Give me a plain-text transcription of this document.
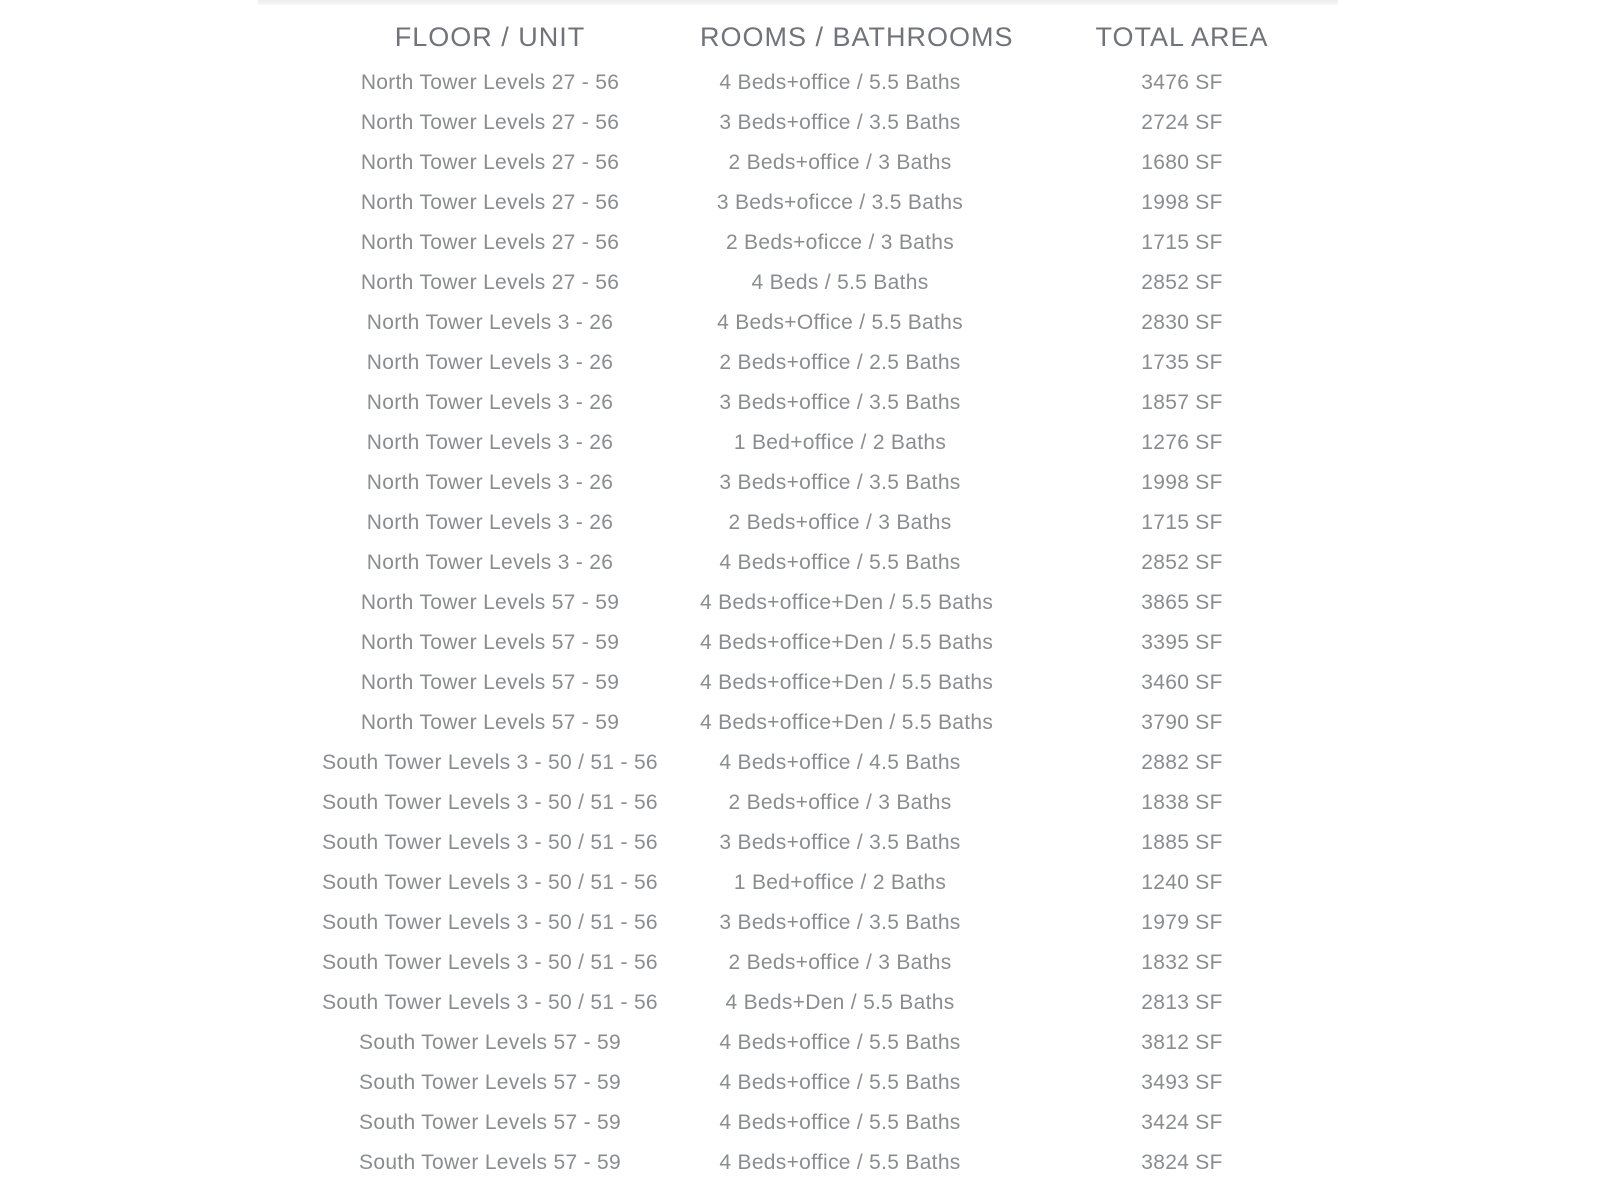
FLOOR / UNIT	ROOMS / BATHROOMS	TOTAL AREA
North Tower Levels 27 - 56	4 Beds+office / 5.5 Baths	3476 SF
North Tower Levels 27 - 56	3 Beds+office / 3.5 Baths	2724 SF
North Tower Levels 27 - 56	2 Beds+office / 3 Baths	1680 SF
North Tower Levels 27 - 56	3 Beds+oficce / 3.5 Baths	1998 SF
North Tower Levels 27 - 56	2 Beds+oficce / 3 Baths	1715 SF
North Tower Levels 27 - 56	4 Beds / 5.5 Baths	2852 SF
North Tower Levels 3 - 26	4 Beds+Office / 5.5 Baths	2830 SF
North Tower Levels 3 - 26	2 Beds+office / 2.5 Baths	1735 SF
North Tower Levels 3 - 26	3 Beds+office / 3.5 Baths	1857 SF
North Tower Levels 3 - 26	1 Bed+office / 2 Baths	1276 SF
North Tower Levels 3 - 26	3 Beds+office / 3.5 Baths	1998 SF
North Tower Levels 3 - 26	2 Beds+office / 3 Baths	1715 SF
North Tower Levels 3 - 26	4 Beds+office / 5.5 Baths	2852 SF
North Tower Levels 57 - 59	4 Beds+office+Den / 5.5 Baths	3865 SF
North Tower Levels 57 - 59	4 Beds+office+Den / 5.5 Baths	3395 SF
North Tower Levels 57 - 59	4 Beds+office+Den / 5.5 Baths	3460 SF
North Tower Levels 57 - 59	4 Beds+office+Den / 5.5 Baths	3790 SF
South Tower Levels 3 - 50 / 51 - 56	4 Beds+office / 4.5 Baths	2882 SF
South Tower Levels 3 - 50 / 51 - 56	2 Beds+office / 3 Baths	1838 SF
South Tower Levels 3 - 50 / 51 - 56	3 Beds+office / 3.5 Baths	1885 SF
South Tower Levels 3 - 50 / 51 - 56	1 Bed+office / 2 Baths	1240 SF
South Tower Levels 3 - 50 / 51 - 56	3 Beds+office / 3.5 Baths	1979 SF
South Tower Levels 3 - 50 / 51 - 56	2 Beds+office / 3 Baths	1832 SF
South Tower Levels 3 - 50 / 51 - 56	4 Beds+Den / 5.5 Baths	2813 SF
South Tower Levels 57 - 59	4 Beds+office / 5.5 Baths	3812 SF
South Tower Levels 57 - 59	4 Beds+office / 5.5 Baths	3493 SF
South Tower Levels 57 - 59	4 Beds+office / 5.5 Baths	3424 SF
South Tower Levels 57 - 59	4 Beds+office / 5.5 Baths	3824 SF
